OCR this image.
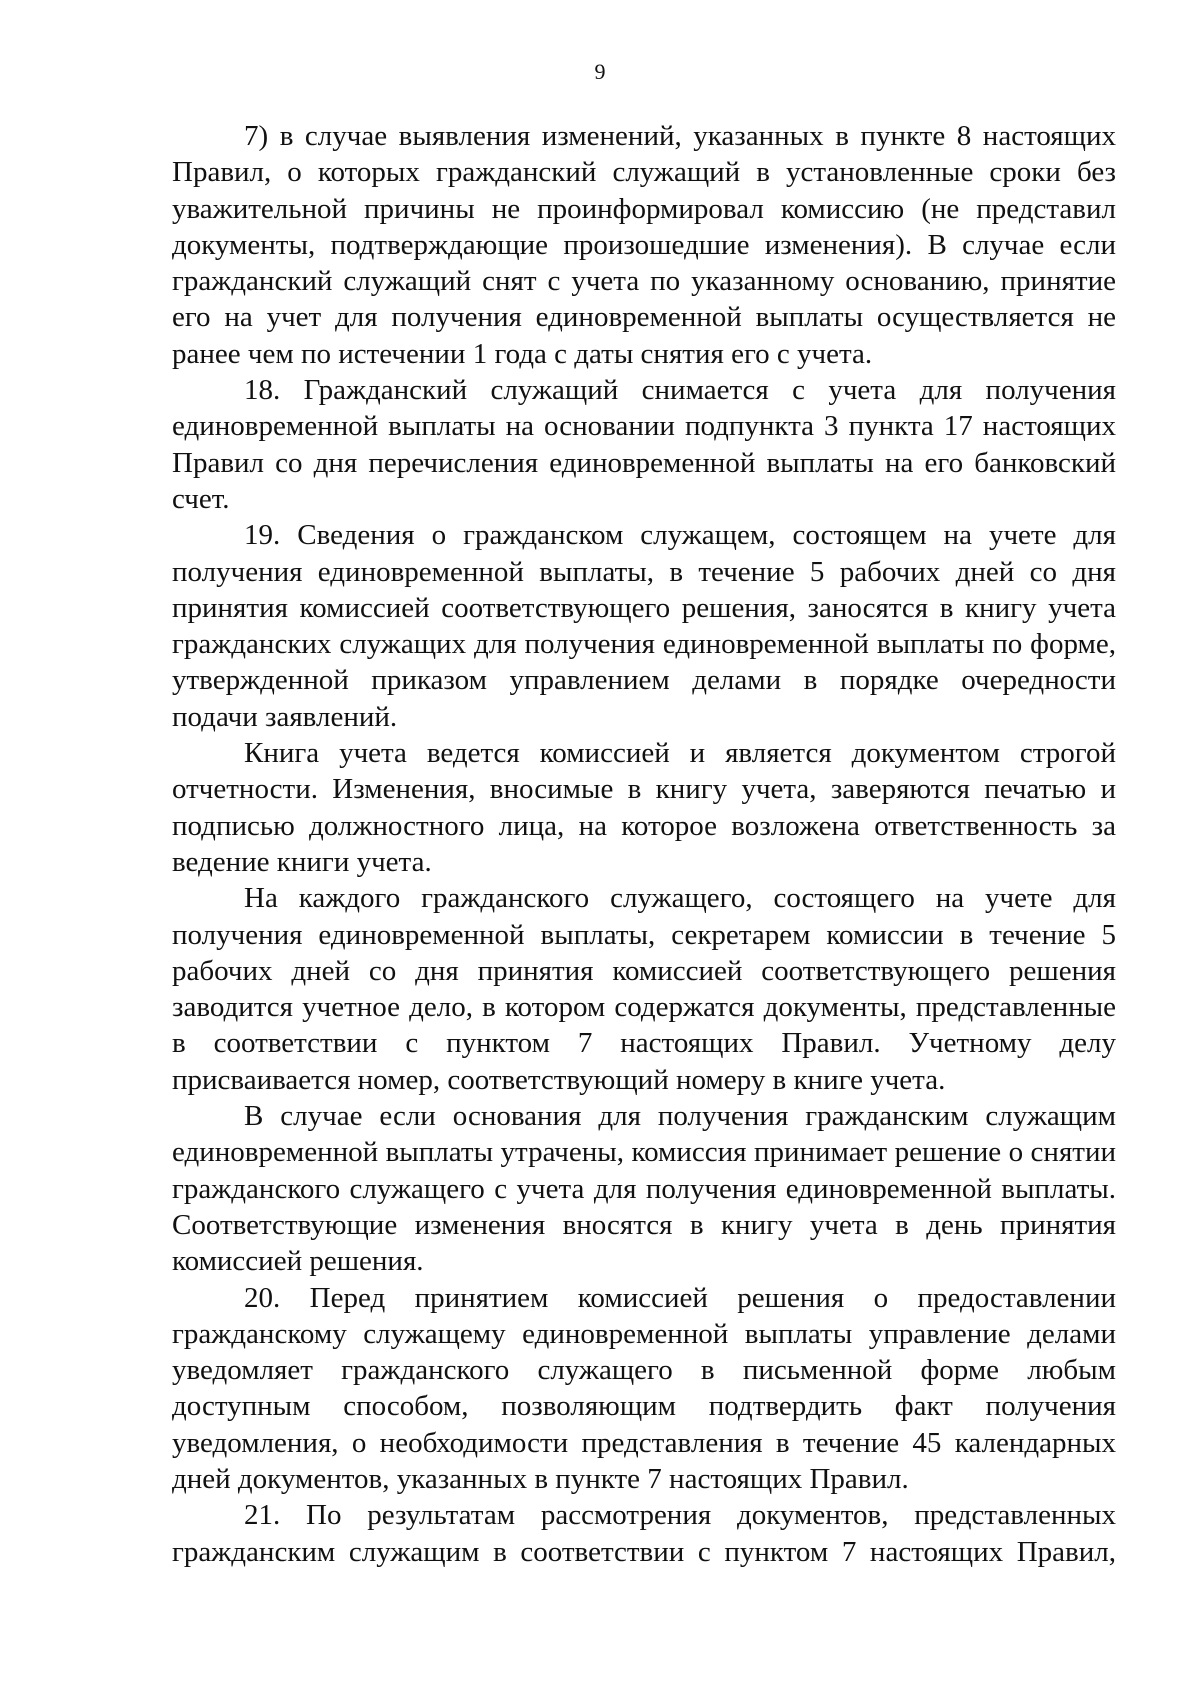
9

7) в случае выявления изменений, указанных в пункте 8 настоящих Правил, о которых гражданский служащий в установленные сроки без уважительной причины не проинформировал комиссию (не представил документы, подтверждающие произошедшие изменения). В случае если гражданский служащий снят с учета по указанному основанию, принятие его на учет для получения единовременной выплаты осуществляется не ранее чем по истечении 1 года с даты снятия его с учета.

18. Гражданский служащий снимается с учета для получения единовременной выплаты на основании подпункта 3 пункта 17 настоящих Правил со дня перечисления единовременной выплаты на его банковский счет.

19. Сведения о гражданском служащем, состоящем на учете для получения единовременной выплаты, в течение 5 рабочих дней со дня принятия комиссией соответствующего решения, заносятся в книгу учета гражданских служащих для получения единовременной выплаты по форме, утвержденной приказом управлением делами в порядке очередности подачи заявлений.

Книга учета ведется комиссией и является документом строгой отчетности. Изменения, вносимые в книгу учета, заверяются печатью и подписью должностного лица, на которое возложена ответственность за ведение книги учета.

На каждого гражданского служащего, состоящего на учете для получения единовременной выплаты, секретарем комиссии в течение 5 рабочих дней со дня принятия комиссией соответствующего решения заводится учетное дело, в котором содержатся документы, представленные в соответствии с пунктом 7 настоящих Правил. Учетному делу присваивается номер, соответствующий номеру в книге учета.

В случае если основания для получения гражданским служащим единовременной выплаты утрачены, комиссия принимает решение о снятии гражданского служащего с учета для получения единовременной выплаты. Соответствующие изменения вносятся в книгу учета в день принятия комиссией решения.

20. Перед принятием комиссией решения о предоставлении гражданскому служащему единовременной выплаты управление делами уведомляет гражданского служащего в письменной форме любым доступным способом, позволяющим подтвердить факт получения уведомления, о необходимости представления в течение 45 календарных дней документов, указанных в пункте 7 настоящих Правил.

21. По результатам рассмотрения документов, представленных гражданским служащим в соответствии с пунктом 7 настоящих Правил,
